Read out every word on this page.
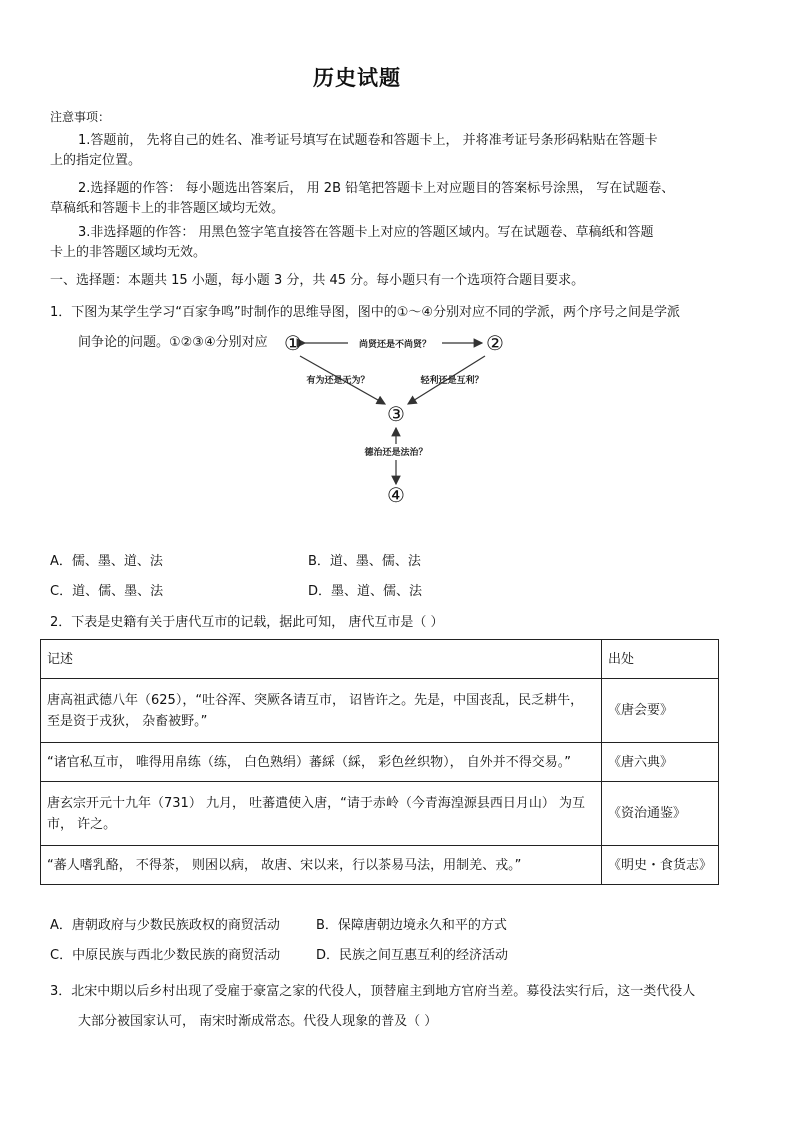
历史试题
注意事项：
1.答题前， 先将自己的姓名、准考证号填写在试题卷和答题卡上， 并将准考证号条形码粘贴在答题卡
上的指定位置。
2.选择题的作答： 每小题选出答案后， 用 2B 铅笔把答题卡上对应题目的答案标号涂黑， 写在试题卷、
草稿纸和答题卡上的非答题区域均无效。
3.非选择题的作答： 用黑色签字笔直接答在答题卡上对应的答题区域内。写在试题卷、草稿纸和答题
卡上的非答题区域均无效。
一、选择题：本题共 15 小题，每小题 3 分，共 45 分。每小题只有一个选项符合题目要求。
1．下图为某学生学习“百家争鸣”时制作的思维导图，图中的①～④分别对应不同的学派，两个序号之间是学派
间争论的问题。①②③④分别对应	尚贤还是不尚贤？
有为还是无为？	轻利还是互利？
德治还是法治？
①	②
③
④
A．儒、墨、道、法	B．道、墨、儒、法
C．道、儒、墨、法	D．墨、道、儒、法
2．下表是史籍有关于唐代互市的记载，据此可知， 唐代互市是（ ）
记述	出处
唐高祖武德八年（625），“吐谷浑、突厥各请互市， 诏皆许之。先是，中国丧乱，民乏耕牛，至是资于戎狄， 杂畜被野。”	《唐会要》
“诸官私互市， 唯得用帛练（练， 白色熟绢）蕃綵（綵， 彩色丝织物）， 自外并不得交易。”	《唐六典》
唐玄宗开元十九年（731） 九月， 吐蕃遣使入唐，“请于赤岭（今青海湟源县西日月山） 为互市， 许之。	《资治通鉴》
“蕃人嗜乳酪， 不得茶， 则困以病， 故唐、宋以来，行以茶易马法，用制羌、戎。”	《明史・食货志》
A．唐朝政府与少数民族政权的商贸活动	B．保障唐朝边境永久和平的方式
C．中原民族与西北少数民族的商贸活动	D．民族之间互惠互利的经济活动
3．北宋中期以后乡村出现了受雇于豪富之家的代役人，顶替雇主到地方官府当差。募役法实行后，这一类代役人
大部分被国家认可， 南宋时渐成常态。代役人现象的普及（ ）
